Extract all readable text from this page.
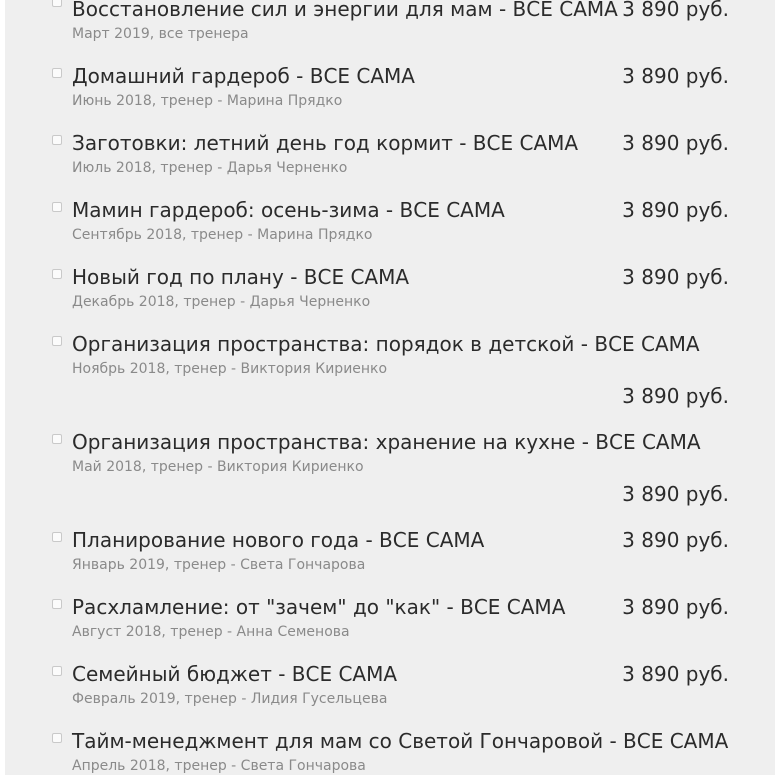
Восстановление сил и энергии для мам - ВСЕ САМА 3 890 руб.
Март 2019, все тренера
Домашний гардероб - ВСЕ САМА	3 890 руб.
Июнь 2018, тренер - Марина Прядко
Заготовки: летний день год кормит - ВСЕ САМА 3 890 руб.
Июль 2018, тренер - Дарья Черненко
Мамин гардероб: осень-зима - ВСЕ САМА	3 890 руб.
Сентябрь 2018, тренер - Марина Прядко
Новый год по плану - ВСЕ САМА	3 890 руб.
Декабрь 2018, тренер - Дарья Черненко
Организация пространства: порядок в детской - ВСЕ САМА
Ноябрь 2018, тренер - Виктория Кириенко
3 890 руб.
Организация пространства: хранение на кухне - ВСЕ САМА
Май 2018, тренер - Виктория Кириенко
3 890 руб.
Планирование нового года - ВСЕ САМА	3 890 руб.
Январь 2019, тренер - Света Гончарова
Расхламление: от "зачем" до "как" - ВСЕ САМА	3 890 руб.
Август 2018, тренер - Анна Семенова
Семейный бюджет - ВСЕ САМА	3 890 руб.
Февраль 2019, тренер - Лидия Гусельцева
Тайм-менеджмент для мам со Светой Гончаровой - ВСЕ САМА
Апрель 2018, тренер - Света Гончарова
